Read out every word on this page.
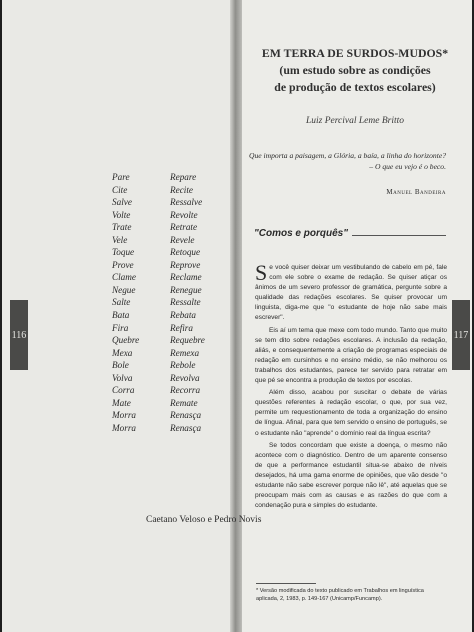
Pare	Repare
Cite	Recite
Salve	Ressalve
Volte	Revolte
Trate	Retrate
Vele	Revele
Toque	Retoque
Prove	Reprove
Clame	Reclame
Negue	Renegue
Salte	Ressalte
Bata	Rebata
Fira	Refira
Quebre	Requebre
Mexa	Remexa
Bole	Rebole
Volva	Revolva
Corra	Recorra
Mate	Remate
Morra	Renasça
Morra	Renasça
Caetano Veloso e Pedro Novis
116
EM TERRA DE SURDOS-MUDOS*
(um estudo sobre as condições
de produção de textos escolares)
Luiz Percival Leme Britto
Que importa a paisagem, a Glória, a baía, a linha do horizonte?
– O que eu vejo é o beco.
Manuel Bandeira
"Comos e porquês"

Se você quiser deixar um vestibulando de cabelo em pé, fale com ele sobre o exame de redação. Se quiser atiçar os ânimos de um severo professor de gramática, pergunte sobre a qualidade das redações escolares. Se quiser provocar um linguista, diga-me que "o estudante de hoje não sabe mais escrever".

Eis aí um tema que mexe com todo mundo. Tanto que muito se tem dito sobre redações escolares. A inclusão da redação, aliás, e consequentemente a criação de programas especiais de redação em cursinhos e no ensino médio, se não melhorou os trabalhos dos estudantes, parece ter servido para retratar em que pé se encontra a produção de textos por escolas.

Além disso, acabou por suscitar o debate de várias questões referentes à redação escolar, o que, por sua vez, permite um requestionamento de toda a organização do ensino de língua. Afinal, para que tem servido o ensino de português, se o estudante não "aprende" o domínio real da língua escrita?

Se todos concordam que existe a doença, o mesmo não acontece com o diagnóstico. Dentro de um aparente consenso de que a performance estudantil situa-se abaixo de níveis desejados, há uma gama enorme de opiniões, que vão desde "o estudante não sabe escrever porque não lê", até aquelas que se preocupam mais com as causas e as razões do que com a condenação pura e simples do estudante.

117
* Versão modificada do texto publicado em Trabalhos em linguística aplicada, 2, 1983, p. 149-167 (Unicamp/Funcamp).
